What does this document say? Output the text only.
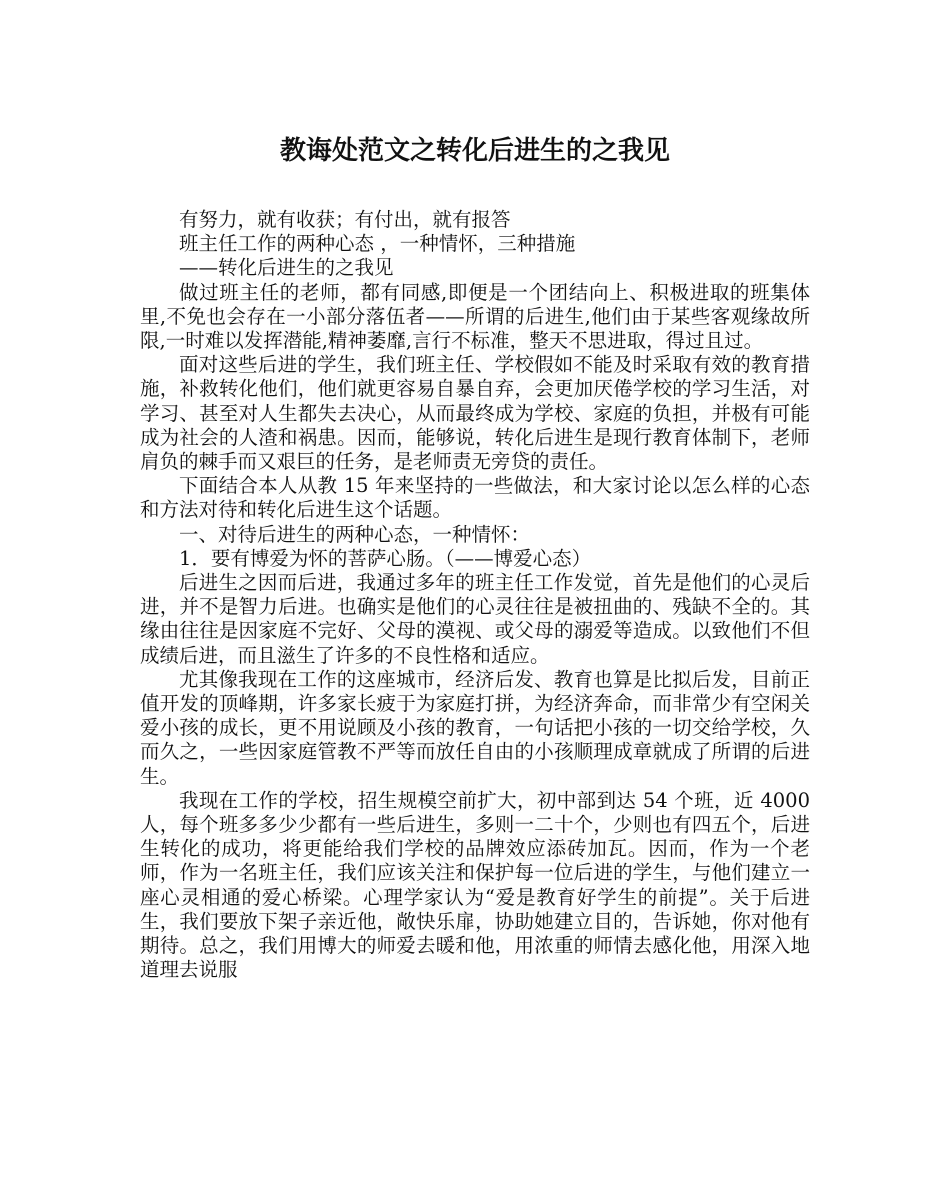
教诲处范文之转化后进生的之我见

有努力，就有收获；有付出，就有报答

班主任工作的两种心态 ，一种情怀，三种措施

——转化后进生的之我见

做过班主任的老师，都有同感,即便是一个团结向上、积极进取的班集体里,不免也会存在一小部分落伍者——所谓的后进生,他们由于某些客观缘故所限,一时难以发挥潜能,精神萎靡,言行不标准，整天不思进取，得过且过。

面对这些后进的学生，我们班主任、学校假如不能及时采取有效的教育措施，补救转化他们，他们就更容易自暴自弃，会更加厌倦学校的学习生活，对学习、甚至对人生都失去决心，从而最终成为学校、家庭的负担，并极有可能成为社会的人渣和祸患。因而，能够说，转化后进生是现行教育体制下，老师肩负的棘手而又艰巨的任务，是老师责无旁贷的责任。

下面结合本人从教 15 年来坚持的一些做法，和大家讨论以怎么样的心态和方法对待和转化后进生这个话题。

一、对待后进生的两种心态，一种情怀：

1．要有博爱为怀的菩萨心肠。（——博爱心态）

后进生之因而后进，我通过多年的班主任工作发觉，首先是他们的心灵后进，并不是智力后进。也确实是他们的心灵往往是被扭曲的、残缺不全的。其缘由往往是因家庭不完好、父母的漠视、或父母的溺爱等造成。以致他们不但成绩后进，而且滋生了许多的不良性格和适应。

尤其像我现在工作的这座城市，经济后发、教育也算是比拟后发，目前正值开发的顶峰期，许多家长疲于为家庭打拼，为经济奔命，而非常少有空闲关爱小孩的成长，更不用说顾及小孩的教育，一句话把小孩的一切交给学校，久而久之，一些因家庭管教不严等而放任自由的小孩顺理成章就成了所谓的后进生。

我现在工作的学校，招生规模空前扩大，初中部到达 54 个班，近 4000 人，每个班多多少少都有一些后进生，多则一二十个，少则也有四五个，后进生转化的成功，将更能给我们学校的品牌效应添砖加瓦。因而，作为一个老师，作为一名班主任，我们应该关注和保护每一位后进的学生，与他们建立一座心灵相通的爱心桥梁。心理学家认为“爱是教育好学生的前提”。关于后进生，我们要放下架子亲近他，敞快乐扉，协助她建立目的，告诉她，你对他有期待。总之，我们用博大的师爱去暖和他，用浓重的师情去感化他，用深入地道理去说服
